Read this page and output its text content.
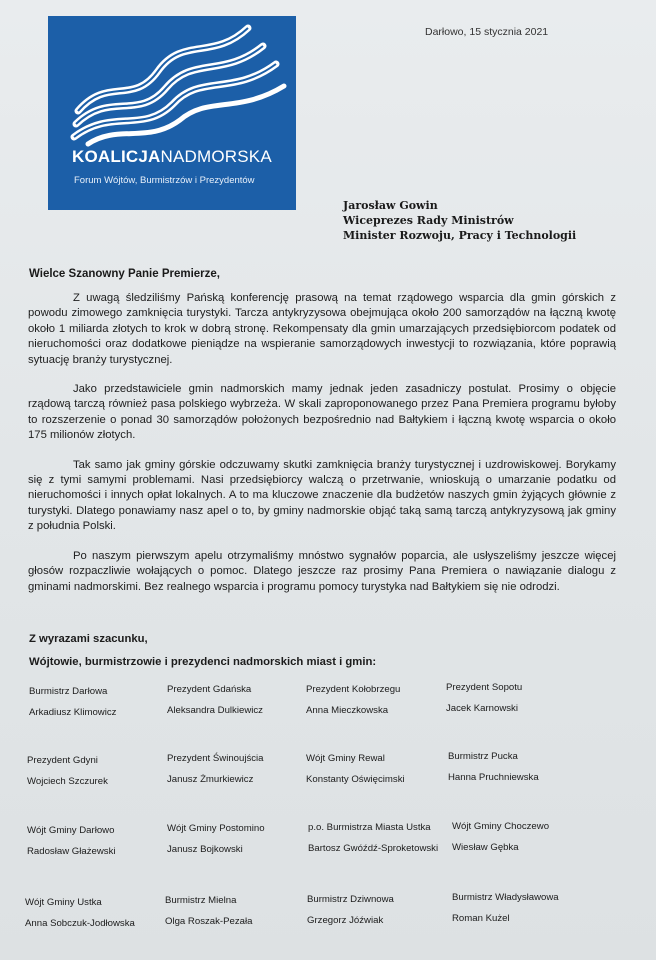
Darłowo, 15 stycznia 2021
KOALICJANADMORSKA
Forum Wójtów, Burmistrzów i Prezydentów
Jarosław Gowin
Wiceprezes Rady Ministrów
Minister Rozwoju, Pracy i Technologii
Wielce Szanowny Panie Premierze,

Z uwagą śledziliśmy Pańską konferencję prasową na temat rządowego wsparcia dla gmin górskich z powodu zimowego zamknięcia turystyki. Tarcza antykryzysowa obejmująca około 200 samorządów na łączną kwotę około 1 miliarda złotych to krok w dobrą stronę. Rekompensaty dla gmin umarzających przedsiębiorcom podatek od nieruchomości oraz dodatkowe pieniądze na wspieranie samorządowych inwestycji to rozwiązania, które poprawią sytuację branży turystycznej.

Jako przedstawiciele gmin nadmorskich mamy jednak jeden zasadniczy postulat. Prosimy o objęcie rządową tarczą również pasa polskiego wybrzeża. W skali zaproponowanego przez Pana Premiera programu byłoby to rozszerzenie o ponad 30 samorządów położonych bezpośrednio nad Bałtykiem i łączną kwotę wsparcia o około 175 milionów złotych.

Tak samo jak gminy górskie odczuwamy skutki zamknięcia branży turystycznej i uzdrowiskowej. Borykamy się z tymi samymi problemami. Nasi przedsiębiorcy walczą o przetrwanie, wnioskują o umarzanie podatku od nieruchomości i innych opłat lokalnych. A to ma kluczowe znaczenie dla budżetów naszych gmin żyjących głównie z turystyki. Dlatego ponawiamy nasz apel o to, by gminy nadmorskie objąć taką samą tarczą antykryzysową jak gminy z południa Polski.

Po naszym pierwszym apelu otrzymaliśmy mnóstwo sygnałów poparcia, ale usłyszeliśmy jeszcze więcej głosów rozpaczliwie wołających o pomoc. Dlatego jeszcze raz prosimy Pana Premiera o nawiązanie dialogu z gminami nadmorskimi. Bez realnego wsparcia i programu pomocy turystyka nad Bałtykiem się nie odrodzi.

Z wyrazami szacunku,
Wójtowie, burmistrzowie i prezydenci nadmorskich miast i gmin:
Burmistrz Darłowa
Arkadiusz Klimowicz
Prezydent Gdańska
Aleksandra Dulkiewicz
Prezydent Kołobrzegu
Anna Mieczkowska
Prezydent Sopotu
Jacek Karnowski
Prezydent Gdyni
Wojciech Szczurek
Prezydent Świnoujścia
Janusz Żmurkiewicz
Wójt Gminy Rewal
Konstanty Oświęcimski
Burmistrz Pucka
Hanna Pruchniewska
Wójt Gminy Darłowo
Radosław Głażewski
Wójt Gminy Postomino
Janusz Bojkowski
p.o. Burmistrza Miasta Ustka
Bartosz Gwóźdź-Sproketowski
Wójt Gminy Choczewo
Wiesław Gębka
Wójt Gminy Ustka
Anna Sobczuk-Jodłowska
Burmistrz Mielna
Olga Roszak-Pezała
Burmistrz Dziwnowa
Grzegorz Jóźwiak
Burmistrz Władysławowa
Roman Kużel
